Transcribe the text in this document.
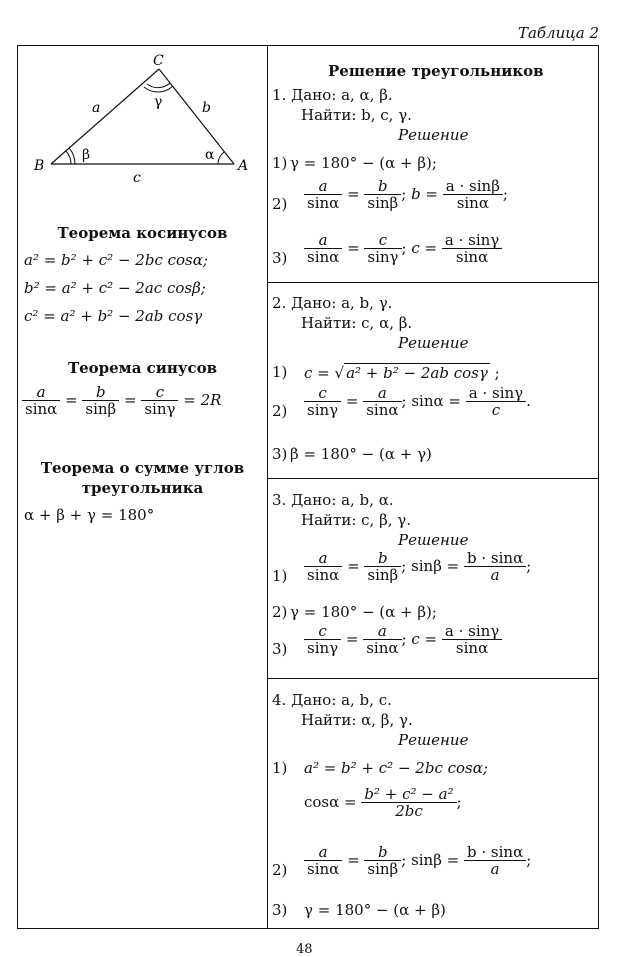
Таблица 2
C
B	A
a	b
c
β	α
γ
Теорема косинусов
a² = b² + c² − 2bc cosα;
b² = a² + c² − 2ac cosβ;
c² = a² + b² − 2ab cosγ
Теорема синусов
$\frac{a}{\sin\alpha} = \frac{b}{\sin\beta} = \frac{c}{\sin\gamma} = 2R$
Теорема о сумме углов
треугольника
α + β + γ = 180°
Решение треугольников
1. Дано: a, α, β.
Найти: b, c, γ.
Решение
1) γ = 180° − (α + β);
$2) \frac{a}{\sin\alpha} = \frac{b}{\sin\beta}$ ; $b = \frac{a \cdot \sin\beta}{\sin\alpha}$ ;
$3) \frac{a}{\sin\alpha} = \frac{c}{\sin\gamma}$ ; $c = \frac{a \cdot \sin\gamma}{\sin\alpha}$
2. Дано: a, b, γ.
Найти: c, α, β.
Решение
1) c = √ a² + b² − 2ab cosγ ;
$2) \frac{c}{\sin\gamma} = \frac{a}{\sin\alpha}$ ; $\sin\alpha = \frac{a \cdot \sin\gamma}{c}$ .
3) β = 180° − (α + γ)
3. Дано: a, b, α.
Найти: c, β, γ.
Решение
$1) \frac{a}{\sin\alpha} = \frac{b}{\sin\beta}$ ; $\sin\beta = \frac{b \cdot \sin\alpha}{a}$ ;
2) γ = 180° − (α + β);
$3) \frac{c}{\sin\gamma} = \frac{a}{\sin\alpha}$ ; $c = \frac{a \cdot \sin\gamma}{\sin\alpha}$
4. Дано: a, b, c.
Найти: α, β, γ.
Решение
1) a² = b² + c² − 2bc cosα;
$\cos\alpha = \frac{\text{b² + c² − a²}}{2bc}$ ;
$2) \frac{a}{\sin\alpha} = \frac{b}{\sin\beta}$ ; $\sin\beta = \frac{b \cdot \sin\alpha}{a}$ ;
3) γ = 180° − (α + β)
48
